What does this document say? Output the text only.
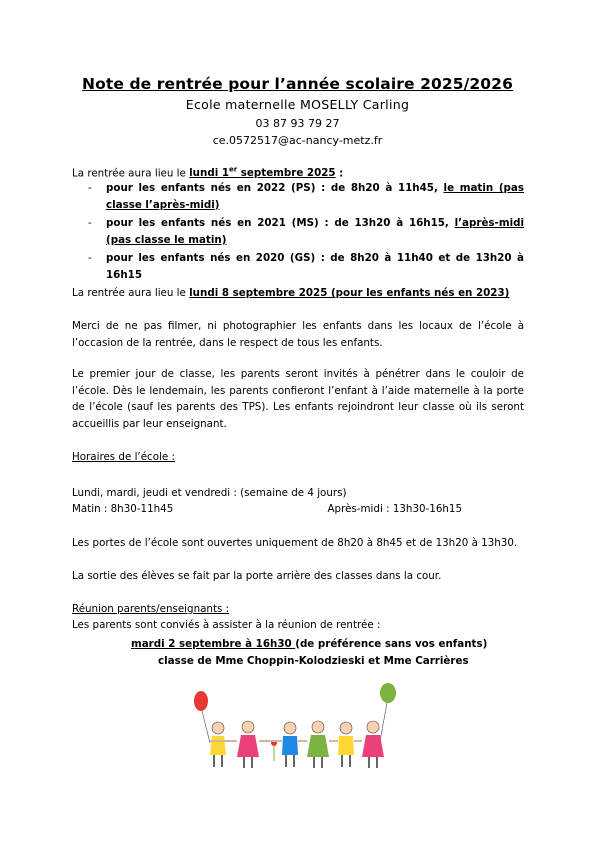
Note de rentrée pour l’année scolaire 2025/2026
Ecole maternelle MOSELLY Carling
03 87 93 79 27
ce.0572517@ac-nancy-metz.fr
La rentrée aura lieu le lundi 1er septembre 2025 :
- pour les enfants nés en 2022 (PS) : de 8h20 à 11h45, le matin (pas classe l’après-midi)
- pour les enfants nés en 2021 (MS) : de 13h20 à 16h15, l’après-midi (pas classe le matin)
- pour les enfants nés en 2020 (GS) : de 8h20 à 11h40 et de 13h20 à 16h15
La rentrée aura lieu le lundi 8 septembre 2025 (pour les enfants nés en 2023)
Merci de ne pas filmer, ni photographier les enfants dans les locaux de l’école à l’occasion de la rentrée, dans le respect de tous les enfants.
Le premier jour de classe, les parents seront invités à pénétrer dans le couloir de l’école. Dès le lendemain, les parents confieront l’enfant à l’aide maternelle à la porte de l’école (sauf les parents des TPS). Les enfants rejoindront leur classe où ils seront accueillis par leur enseignant.
Horaires de l’école :
Lundi, mardi, jeudi et vendredi : (semaine de 4 jours)
Matin : 8h30-11h45	Après-midi : 13h30-16h15
Les portes de l’école sont ouvertes uniquement de 8h20 à 8h45 et de 13h20 à 13h30.
La sortie des élèves se fait par la porte arrière des classes dans la cour.
Réunion parents/enseignants :
Les parents sont conviés à assister à la réunion de rentrée :
mardi 2 septembre à 16h30 (de préférence sans vos enfants)
classe de Mme Choppin-Kolodzieski et Mme Carrières
